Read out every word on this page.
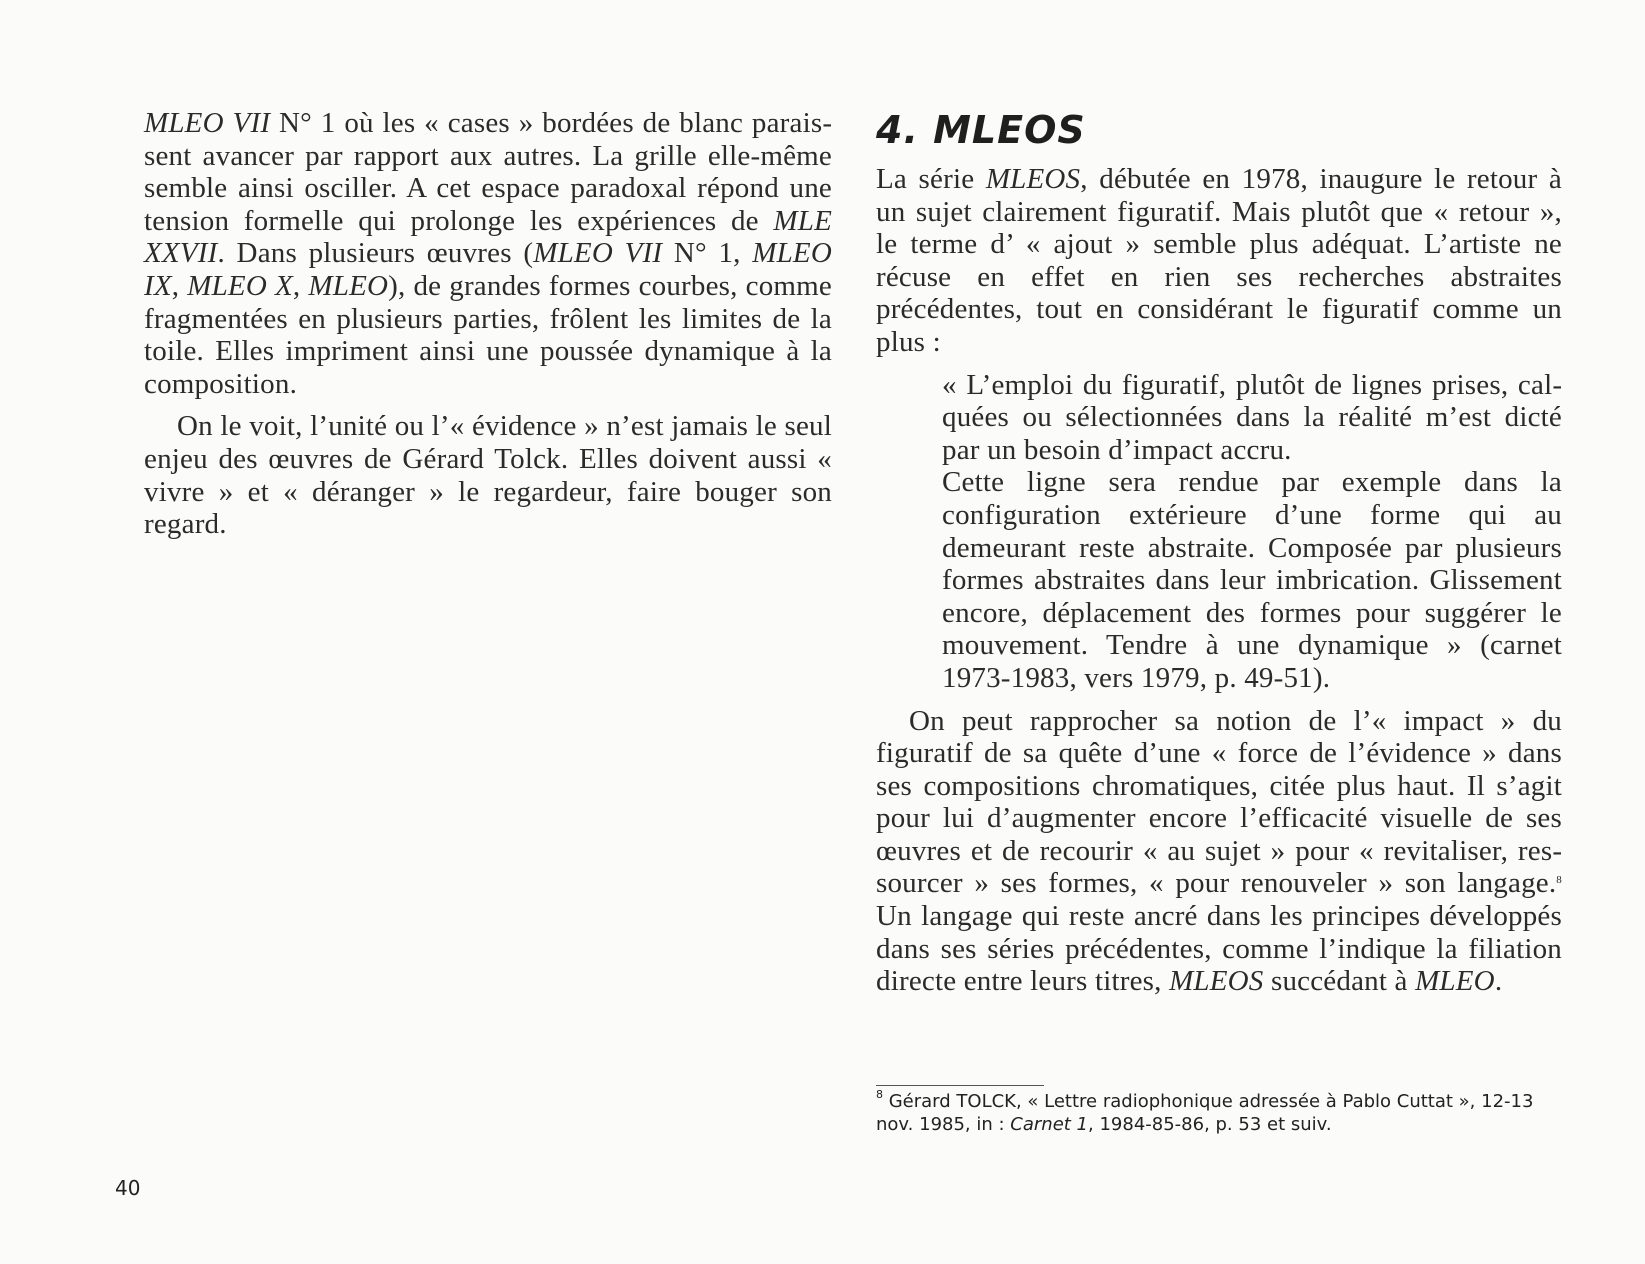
MLEO VII N° 1 où les « cases » bordées de blanc paraissent avancer par rapport aux autres. La grille elle-même semble ainsi osciller. A cet espace paradoxal répond une tension formelle qui prolonge les expériences de MLE XXVII. Dans plusieurs œuvres (MLEO VII N° 1, MLEO IX, MLEO X, MLEO), de grandes formes courbes, comme fragmentées en plusieurs parties, frôlent les limites de la toile. Elles impriment ainsi une poussée dynamique à la composition.

On le voit, l’unité ou l’« évidence » n’est jamais le seul enjeu des œuvres de Gérard Tolck. Elles doivent aussi « vivre » et « déranger » le regardeur, faire bouger son regard.

4. MLEOS

La série MLEOS, débutée en 1978, inaugure le retour à un sujet clairement figuratif. Mais plutôt que « retour », le terme d’ « ajout » semble plus adéquat. L’artiste ne récuse en effet en rien ses recherches abstraites précédentes, tout en considérant le figuratif comme un plus :

« L’emploi du figuratif, plutôt de lignes prises, calquées ou sélectionnées dans la réalité m’est dicté par un besoin d’impact accru.

Cette ligne sera rendue par exemple dans la configuration extérieure d’une forme qui au demeurant reste abstraite. Composée par plusieurs formes abstraites dans leur imbrication. Glissement encore, déplacement des formes pour suggérer le mouvement. Tendre à une dynamique » (carnet 1973-1983, vers 1979, p. 49-51).

On peut rapprocher sa notion de l’« impact » du figuratif de sa quête d’une « force de l’évidence » dans ses compositions chromatiques, citée plus haut. Il s’agit pour lui d’augmenter encore l’efficacité visuelle de ses œuvres et de recourir « au sujet » pour « revitaliser, ressourcer » ses formes, « pour renouveler » son langage.$^8$ Un langage qui reste ancré dans les principes développés dans ses séries précédentes, comme l’indique la filiation directe entre leurs titres, MLEOS succédant à MLEO.

$^8$ Gérard TOLCK, « Lettre radiophonique adressée à Pablo Cuttat », 12-13 nov. 1985, in : Carnet 1, 1984-85-86, p. 53 et suiv.
40
